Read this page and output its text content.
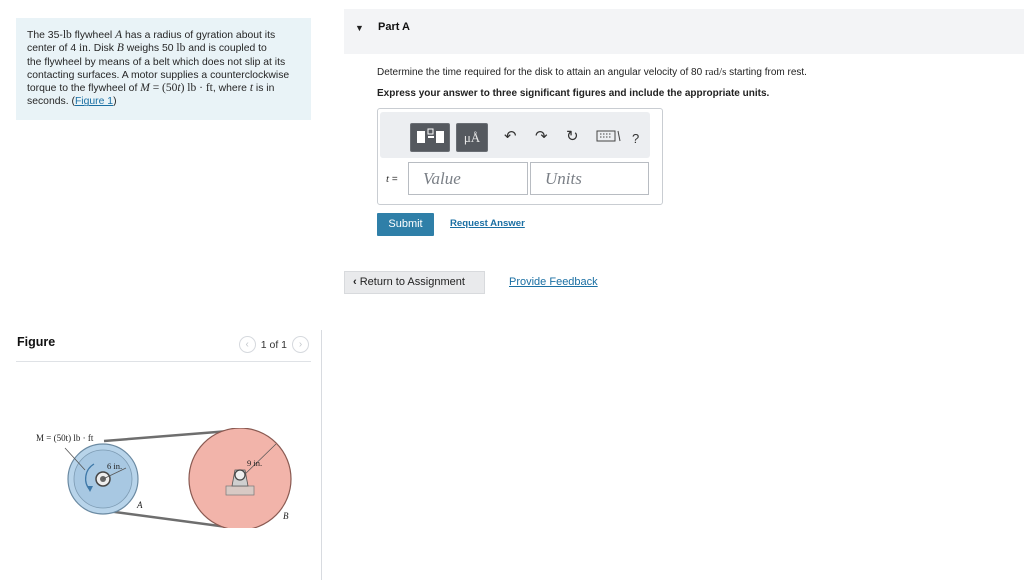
The 35-lb flywheel A has a radius of gyration about its
center of 4 in. Disk B weighs 50 lb and is coupled to
the flywheel by means of a belt which does not slip at its
contacting surfaces. A motor supplies a counterclockwise
torque to the flywheel of M = (50t) lb · ft, where t is in
seconds. (Figure 1)
Figure	‹	1 of 1	›
M = (50t) lb · ft
6 in.	9 in.
A
B
▼ Part A
Determine the time required for the disk to attain an angular velocity of 80 rad/s starting from rest.
Express your answer to three significant figures and include the appropriate units.
μÅ	↶ ↷ ↻	?
t =	Value	Units
Submit	Request Answer
‹ Return to Assignment	Provide Feedback
